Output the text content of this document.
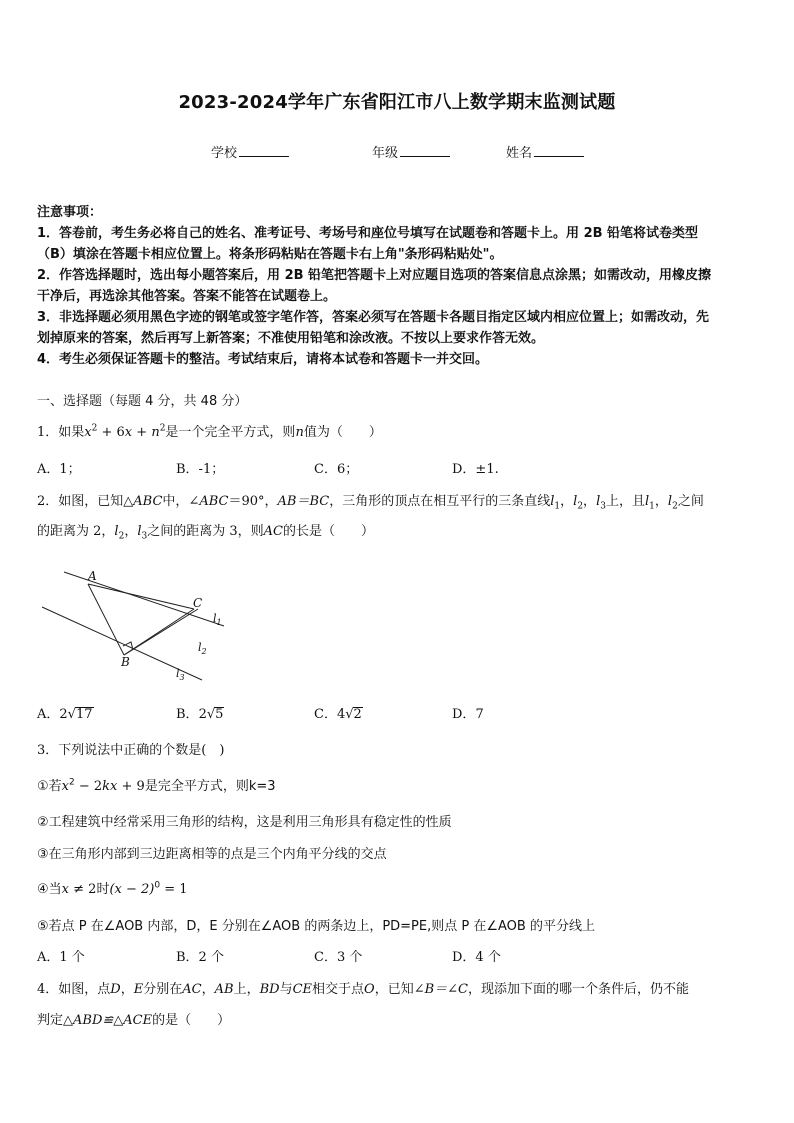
2023-2024学年广东省阳江市八上数学期末监测试题
学校	年级	姓名

注意事项：

1．答卷前，考生务必将自己的姓名、准考证号、考场号和座位号填写在试题卷和答题卡上。用 2B 铅笔将试卷类型

（B）填涂在答题卡相应位置上。将条形码粘贴在答题卡右上角"条形码粘贴处"。

2．作答选择题时，选出每小题答案后，用 2B 铅笔把答题卡上对应题目选项的答案信息点涂黑；如需改动，用橡皮擦

干净后，再选涂其他答案。答案不能答在试题卷上。

3．非选择题必须用黑色字迹的钢笔或签字笔作答，答案必须写在答题卡各题目指定区域内相应位置上；如需改动，先

划掉原来的答案，然后再写上新答案；不准使用铅笔和涂改液。不按以上要求作答无效。

4．考生必须保证答题卡的整洁。考试结束后，请将本试卷和答题卡一并交回。

一、选择题（每题 4 分，共 48 分）
1．如果$x^2 + 6x + n^2$是一个完全平方式，则n值为（　　）
A．1；	B．-1；	C．6；	D．±1.
2．如图，已知△ABC中，∠ABC＝90°，AB＝BC，三角形的顶点在相互平行的三条直线$l_1$，$l_2$，$l_3$上，且$l_1$，$l_2$之间
的距离为 2，$l_2$，$l_3$之间的距离为 3，则AC的长是（　　）
A
B
C
$l_1$
$l_2$
$l_3$
A．2√17	B．2√5	C．4√2	D．7
3．下列说法中正确的个数是(　)
①若$x^2 - 2kx + 9$是完全平方式，则k=3
②工程建筑中经常采用三角形的结构，这是利用三角形具有稳定性的性质
③在三角形内部到三边距离相等的点是三个内角平分线的交点
④当x ≠ 2时$(x - 2)^0 = 1$
⑤若点 P 在∠AOB 内部，D，E 分别在∠AOB 的两条边上，PD=PE,则点 P 在∠AOB 的平分线上
A．1 个	B．2 个	C．3 个	D．4 个
4．如图，点D，E分别在AC，AB上，BD与CE相交于点O，已知∠B＝∠C，现添加下面的哪一个条件后，仍不能
判定△ABD≌△ACE的是（　　）
